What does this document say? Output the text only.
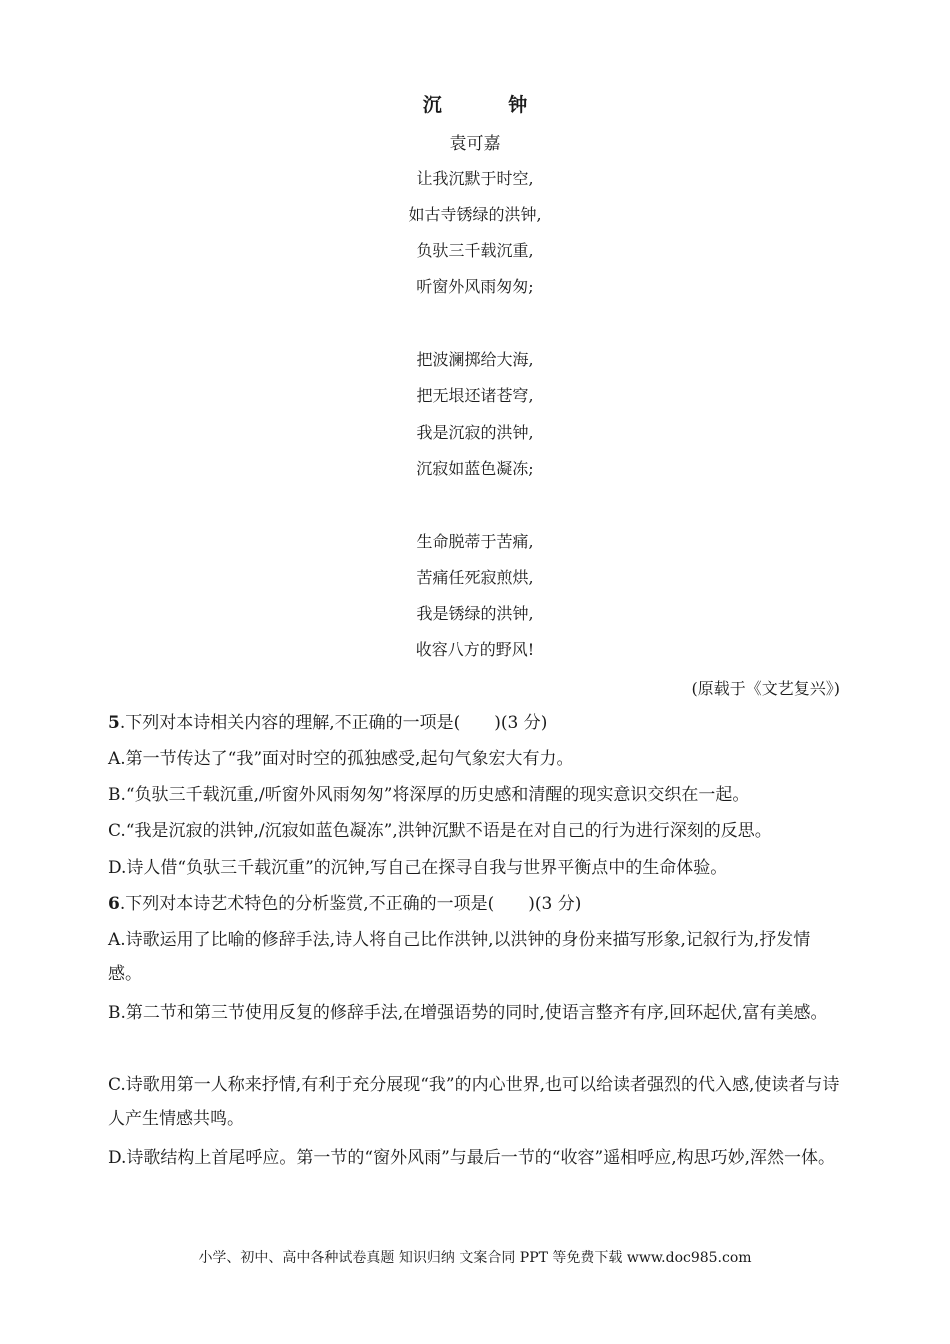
沉 钟
袁可嘉
让我沉默于时空,
如古寺锈绿的洪钟,
负驮三千载沉重,
听窗外风雨匆匆;
把波澜掷给大海,
把无垠还诸苍穹,
我是沉寂的洪钟,
沉寂如蓝色凝冻;
生命脱蒂于苦痛,
苦痛任死寂煎烘,
我是锈绿的洪钟,
收容八方的野风!
(原载于《文艺复兴》)
5.下列对本诗相关内容的理解,不正确的一项是(　　)(3 分)
A.第一节传达了“我”面对时空的孤独感受,起句气象宏大有力。
B.“负驮三千载沉重,/听窗外风雨匆匆”将深厚的历史感和清醒的现实意识交织在一起。
C.“我是沉寂的洪钟,/沉寂如蓝色凝冻”,洪钟沉默不语是在对自己的行为进行深刻的反思。
D.诗人借“负驮三千载沉重”的沉钟,写自己在探寻自我与世界平衡点中的生命体验。
6.下列对本诗艺术特色的分析鉴赏,不正确的一项是(　　)(3 分)
A.诗歌运用了比喻的修辞手法,诗人将自己比作洪钟,以洪钟的身份来描写形象,记叙行为,抒发情感。
B.第二节和第三节使用反复的修辞手法,在增强语势的同时,使语言整齐有序,回环起伏,富有美感。
C.诗歌用第一人称来抒情,有利于充分展现“我”的内心世界,也可以给读者强烈的代入感,使读者与诗人产生情感共鸣。
D.诗歌结构上首尾呼应。第一节的“窗外风雨”与最后一节的“收容”遥相呼应,构思巧妙,浑然一体。
小学、初中、高中各种试卷真题 知识归纳 文案合同 PPT 等免费下载 www.doc985.com
